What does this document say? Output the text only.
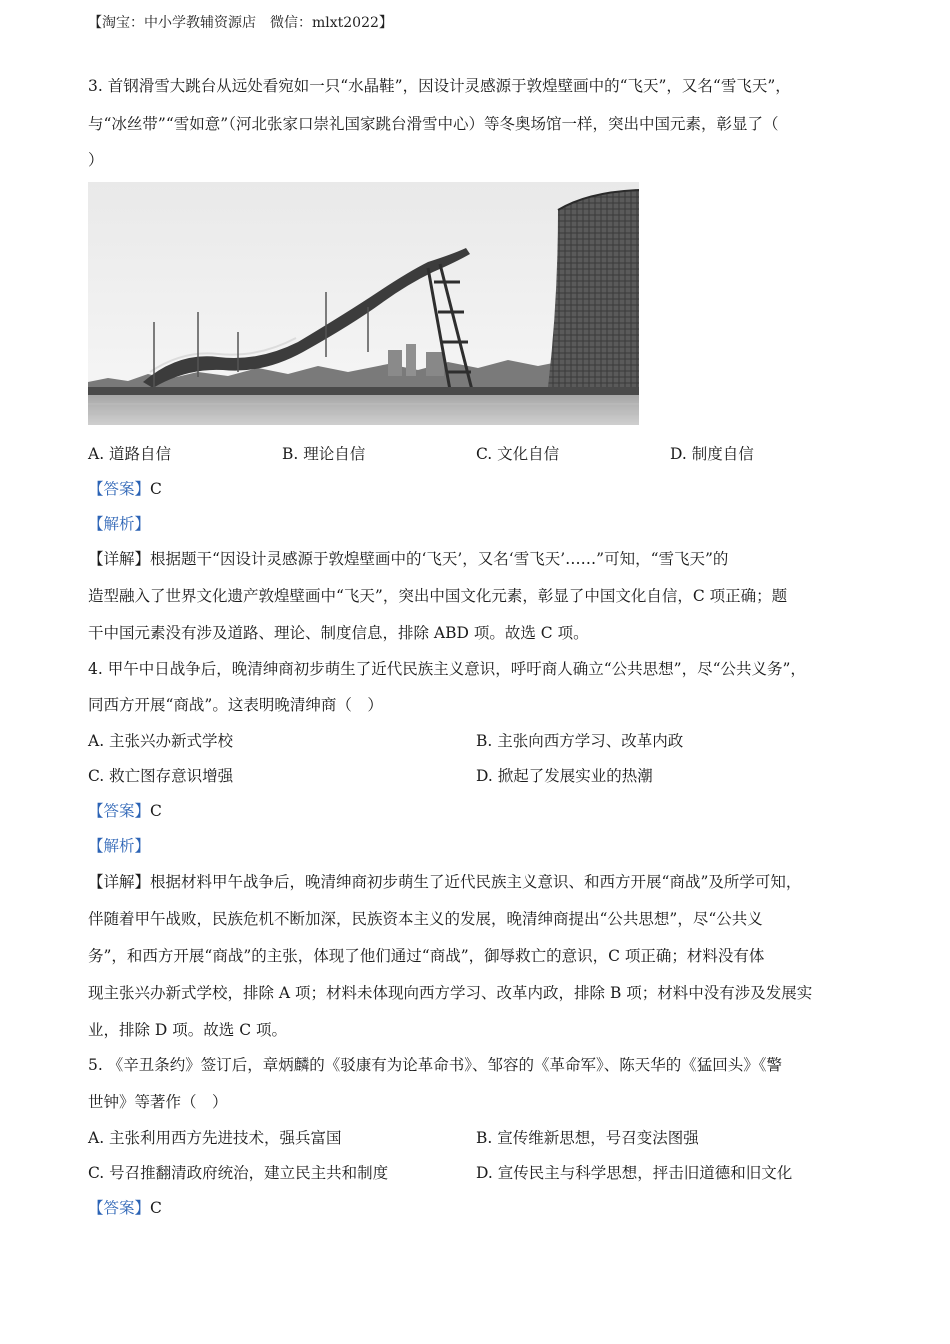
【淘宝：中小学教辅资源店　微信：mlxt2022】
3. 首钢滑雪大跳台从远处看宛如一只“水晶鞋”，因设计灵感源于敦煌壁画中的“飞天”，又名“雪飞天”，
与“冰丝带”“雪如意”（河北张家口崇礼国家跳台滑雪中心）等冬奥场馆一样，突出中国元素，彰显了（
）
A. 道路自信	B. 理论自信	C. 文化自信	D. 制度自信
【答案】C
【解析】
【详解】根据题干“因设计灵感源于敦煌壁画中的‘飞天’，又名‘雪飞天’……”可知，“雪飞天”的
造型融入了世界文化遗产敦煌壁画中“飞天”，突出中国文化元素，彰显了中国文化自信，C 项正确；题
干中国元素没有涉及道路、理论、制度信息，排除 ABD 项。故选 C 项。
4. 甲午中日战争后，晚清绅商初步萌生了近代民族主义意识，呼吁商人确立“公共思想”，尽“公共义务”，
同西方开展“商战”。这表明晚清绅商（　）
A. 主张兴办新式学校	B. 主张向西方学习、改革内政
C. 救亡图存意识增强	D. 掀起了发展实业的热潮
【答案】C
【解析】
【详解】根据材料甲午战争后，晚清绅商初步萌生了近代民族主义意识、和西方开展“商战”及所学可知，
伴随着甲午战败，民族危机不断加深，民族资本主义的发展，晚清绅商提出“公共思想”，尽“公共义
务”，和西方开展“商战”的主张，体现了他们通过“商战”，御辱救亡的意识，C 项正确；材料没有体
现主张兴办新式学校，排除 A 项；材料未体现向西方学习、改革内政，排除 B 项；材料中没有涉及发展实
业，排除 D 项。故选 C 项。
5. 《辛丑条约》签订后，章炳麟的《驳康有为论革命书》、邹容的《革命军》、陈天华的《猛回头》《警
世钟》等著作（　）
A. 主张利用西方先进技术，强兵富国	B. 宣传维新思想，号召变法图强
C. 号召推翻清政府统治，建立民主共和制度	D. 宣传民主与科学思想，抨击旧道德和旧文化
【答案】C
